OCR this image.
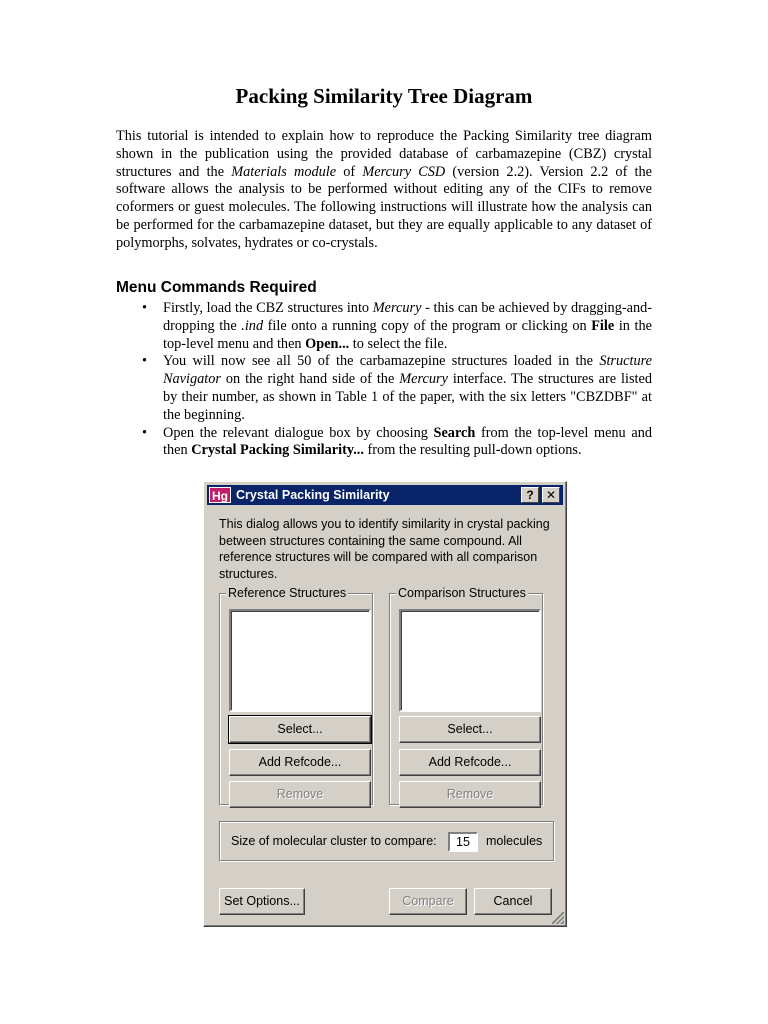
Packing Similarity Tree Diagram
This tutorial is intended to explain how to reproduce the Packing Similarity tree diagram shown in the publication using the provided database of carbamazepine (CBZ) crystal structures and the Materials module of Mercury CSD (version 2.2). Version 2.2 of the software allows the analysis to be performed without editing any of the CIFs to remove coformers or guest molecules. The following instructions will illustrate how the analysis can be performed for the carbamazepine dataset, but they are equally applicable to any dataset of polymorphs, solvates, hydrates or co-crystals.
Menu Commands Required
• Firstly, load the CBZ structures into Mercury - this can be achieved by dragging-and-dropping the .ind file onto a running copy of the program or clicking on File in the top-level menu and then Open... to select the file.
• You will now see all 50 of the carbamazepine structures loaded in the Structure Navigator on the right hand side of the Mercury interface. The structures are listed by their number, as shown in Table 1 of the paper, with the six letters "CBZDBF" at the beginning.
• Open the relevant dialogue box by choosing Search from the top-level menu and then Crystal Packing Similarity... from the resulting pull-down options.
Hg Crystal Packing Similarity	?	✕
This dialog allows you to identify similarity in crystal packing between structures containing the same compound. All reference structures will be compared with all comparison structures.
Reference Structures
Select...
Add Refcode...
Remove
Comparison Structures
Select...
Add Refcode...
Remove
Size of molecular cluster to compare:	15	molecules
Set Options...	Compare	Cancel
